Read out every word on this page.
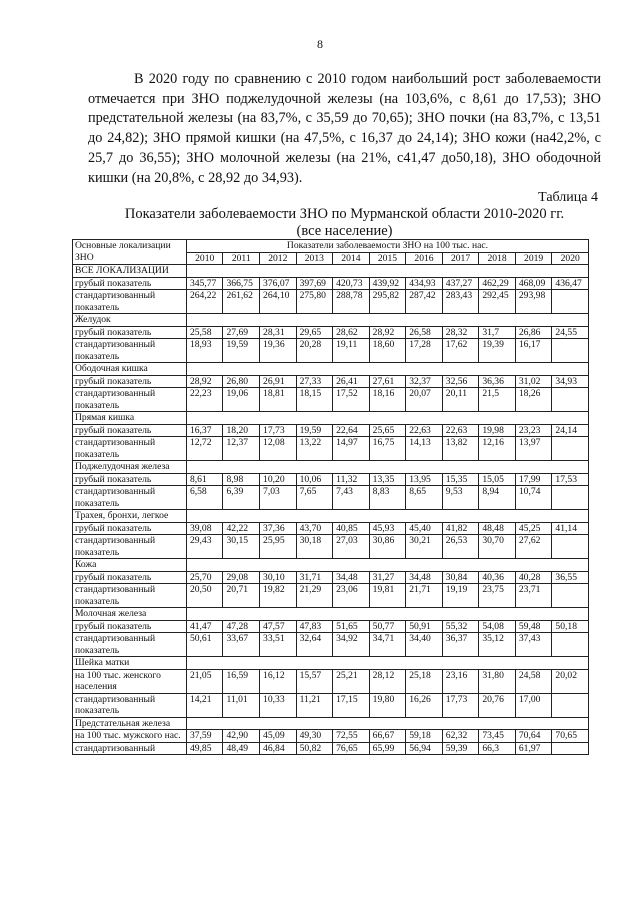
8

В 2020 году по сравнению с 2010 годом наибольший рост заболеваемости отмечается при ЗНО поджелудочной железы (на 103,6%, с 8,61 до 17,53); ЗНО предстательной железы (на 83,7%, с 35,59 до 70,65); ЗНО почки (на 83,7%, с 13,51 до 24,82); ЗНО прямой кишки (на 47,5%, с 16,37 до 24,14); ЗНО кожи (на42,2%, с 25,7 до 36,55); ЗНО молочной железы (на 21%, с41,47 до50,18), ЗНО ободочной кишки (на 20,8%, с 28,92 до 34,93).

Таблица 4
Показатели заболеваемости ЗНО по Мурманской области 2010-2020 гг.
(все население)
Основные локализации ЗНО	Показатели заболеваемости ЗНО на 100 тыс. нас.										
	2010	2011	2012	2013	2014	2015	2016	2017	2018	2019	2020
ВСЕ ЛОКАЛИЗАЦИИ											
грубый показатель	345,77	366,75	376,07	397,69	420,73	439,92	434,93	437,27	462,29	468,09	436,47
стандартизованный показатель	264,22	261,62	264,10	275,80	288,78	295,82	287,42	283,43	292,45	293,98	
Желудок											
грубый показатель	25,58	27,69	28,31	29,65	28,62	28,92	26,58	28,32	31,7	26,86	24,55
стандартизованный показатель	18,93	19,59	19,36	20,28	19,11	18,60	17,28	17,62	19,39	16,17	
Ободочная кишка											
грубый показатель	28,92	26,80	26,91	27,33	26,41	27,61	32,37	32,56	36,36	31,02	34,93
стандартизованный показатель	22,23	19,06	18,81	18,15	17,52	18,16	20,07	20,11	21,5	18,26	
Прямая кишка											
грубый показатель	16,37	18,20	17,73	19,59	22,64	25,65	22,63	22,63	19,98	23,23	24,14
стандартизованный показатель	12,72	12,37	12,08	13,22	14,97	16,75	14,13	13,82	12,16	13,97	
Поджелудочная железа											
грубый показатель	8,61	8,98	10,20	10,06	11,32	13,35	13,95	15,35	15,05	17,99	17,53
стандартизованный показатель	6,58	6,39	7,03	7,65	7,43	8,83	8,65	9,53	8,94	10,74	
Трахея, бронхи, легкое											
грубый показатель	39,08	42,22	37,36	43,70	40,85	45,93	45,40	41,82	48,48	45,25	41,14
стандартизованный показатель	29,43	30,15	25,95	30,18	27,03	30,86	30,21	26,53	30,70	27,62	
Кожа											
грубый показатель	25,70	29,08	30,10	31,71	34,48	31,27	34,48	30,84	40,36	40,28	36,55
стандартизованный показатель	20,50	20,71	19,82	21,29	23,06	19,81	21,71	19,19	23,75	23,71	
Молочная железа											
грубый показатель	41,47	47,28	47,57	47,83	51,65	50,77	50,91	55,32	54,08	59,48	50,18
стандартизованный показатель	50,61	33,67	33,51	32,64	34,92	34,71	34,40	36,37	35,12	37,43	
Шейка матки											
на 100 тыс. женского населения	21,05	16,59	16,12	15,57	25,21	28,12	25,18	23,16	31,80	24,58	20,02
стандартизованный показатель	14,21	11,01	10,33	11,21	17,15	19,80	16,26	17,73	20,76	17,00	
Предстательная железа											
на 100 тыс. мужского нас.	37,59	42,90	45,09	49,30	72,55	66,67	59,18	62,32	73,45	70,64	70,65
стандартизованный	49,85	48,49	46,84	50,82	76,65	65,99	56,94	59,39	66,3	61,97	
